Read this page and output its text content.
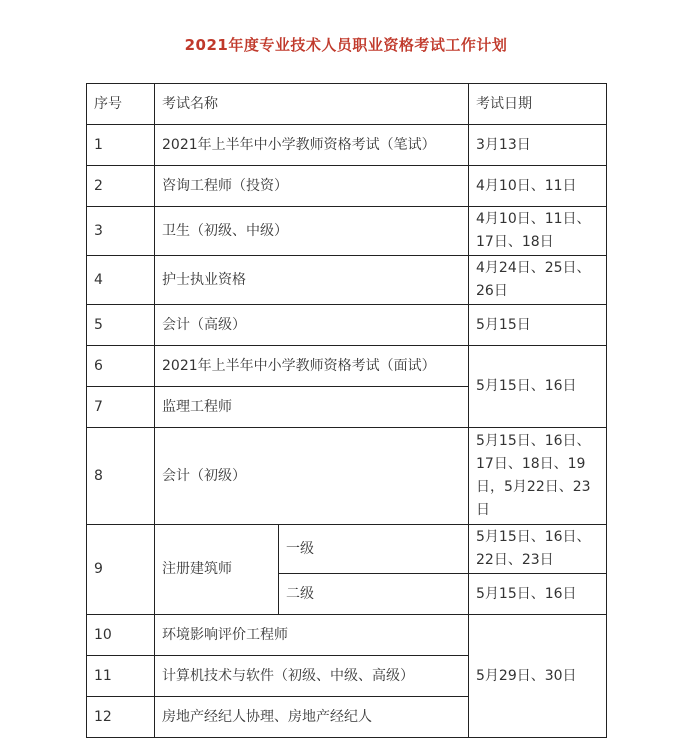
2021年度专业技术人员职业资格考试工作计划
序号	考试名称		考试日期
1	2021年上半年中小学教师资格考试（笔试）		3月13日
2	咨询工程师（投资）		4月10日、11日
3	卫生（初级、中级）		4月10日、11日、17日、18日
4	护士执业资格		4月24日、25日、26日
5	会计（高级）		5月15日
6	2021年上半年中小学教师资格考试（面试）		5月15日、16日
7	监理工程师		
8	会计（初级）		5月15日、16日、17日、18日、19日，5月22日、23日
9	注册建筑师	一级	5月15日、16日、22日、23日
		二级	5月15日、16日
10	环境影响评价工程师		5月29日、30日
11	计算机技术与软件（初级、中级、高级）		
12	房地产经纪人协理、房地产经纪人		
